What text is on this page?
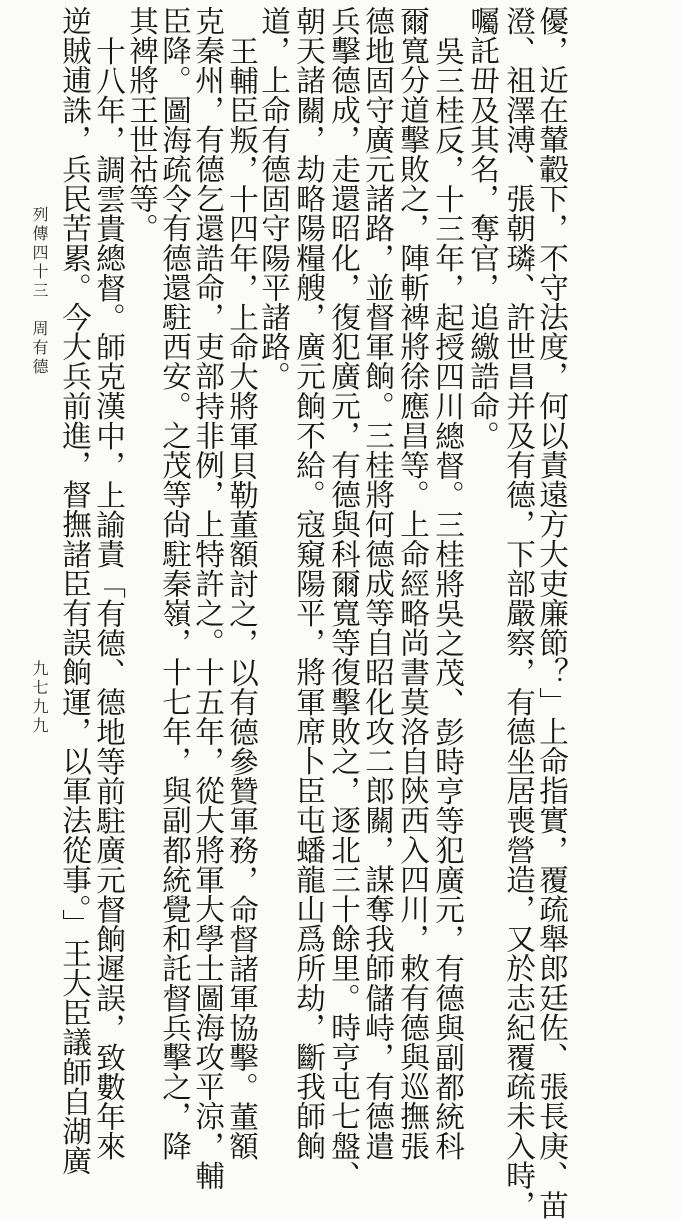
優，近在輦轂下，不守法度，何以責遠方大吏廉節？」上命指實，覆疏舉郎廷佐、張長庚、苗
澄、祖澤溥、張朝璘、許世昌并及有德，下部嚴察，有德坐居喪營造，又於志紀覆疏未入時，
囑託毌及其名，奪官，追繳誥命。
吳三桂反，十三年，起授四川總督。三桂將吳之茂、彭時亨等犯廣元，有德與副都統科
爾寬分道擊敗之，陣斬裨將徐應昌等。上命經略尚書莫洛自陝西入四川，敕有德與巡撫張
德地固守廣元諸路，並督軍餉。三桂將何德成等自昭化攻二郎關，謀奪我師儲峙，有德遣
兵擊德成，走還昭化，復犯廣元，有德與科爾寬等復擊敗之，逐北三十餘里。時亨屯七盤、
朝天諸關，劫略陽糧艘，廣元餉不給。寇窺陽平，將軍席卜臣屯蟠龍山爲所劫，斷我師餉
道，上命有德固守陽平諸路。
王輔臣叛，十四年，上命大將軍貝勒董額討之，以有德參贊軍務，命督諸軍協擊。董額
克秦州，有德乞還誥命，吏部持非例，上特許之。十五年，從大將軍大學士圖海攻平涼，輔
臣降。圖海疏令有德還駐西安。之茂等尙駐秦嶺，十七年，與副都統覺和託督兵擊之，降
其裨將王世祜等。
十八年，調雲貴總督。師克漢中，上諭責「有德、德地等前駐廣元督餉遲誤，致數年來
逆賊逋誅，兵民苦累。今大兵前進，督撫諸臣有誤餉運，以軍法從事。」王大臣議師自湖廣
列傳四十三　周有德
九七九九
